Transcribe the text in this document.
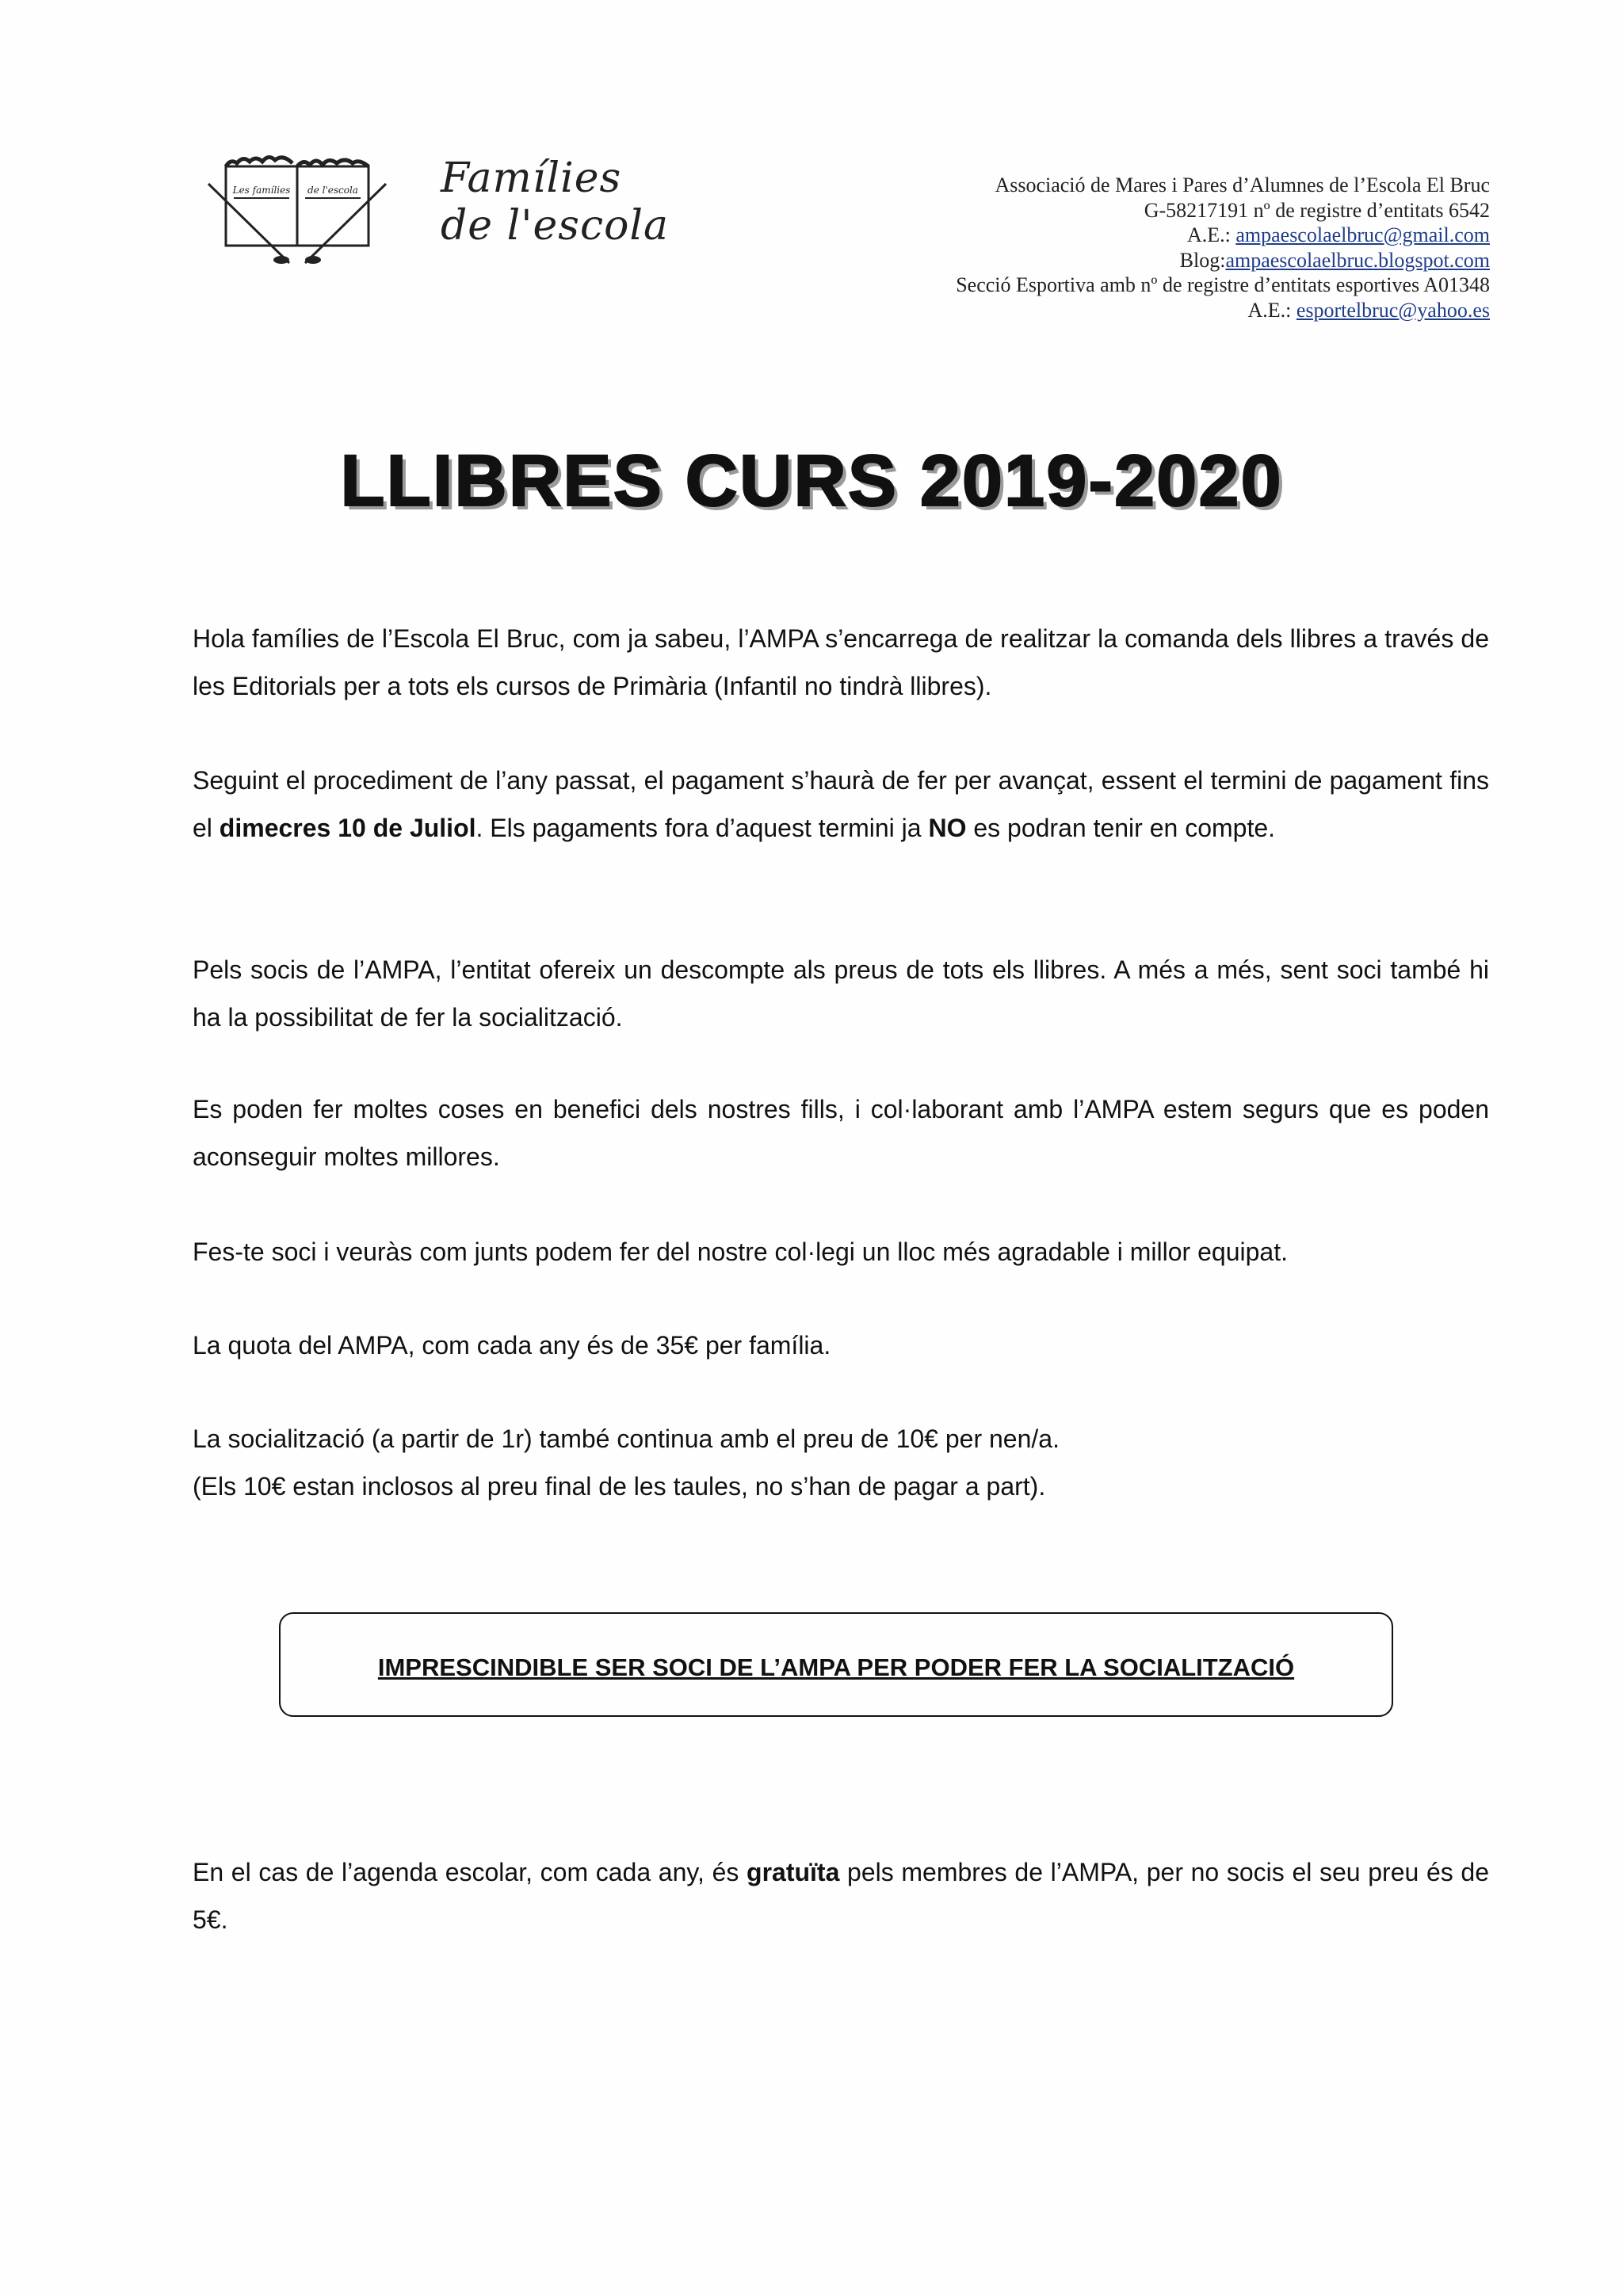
Les famílies de l'escola Famílies
de l'escola
Associació de Mares i Pares d’Alumnes de l’Escola El Bruc
G-58217191 nº de registre d’entitats 6542
A.E.: ampaescolaelbruc@gmail.com
Blog:ampaescolaelbruc.blogspot.com
Secció Esportiva amb nº de registre d’entitats esportives A01348
A.E.: esportelbruc@yahoo.es
LLIBRES CURS 2019-2020

Hola famílies de l’Escola El Bruc, com ja sabeu, l’AMPA s’encarrega de realitzar la comanda dels llibres a través de les Editorials per a tots els cursos de Primària (Infantil no tindrà llibres).

Seguint el procediment de l’any passat, el pagament s’haurà de fer per avançat, essent el termini de pagament fins el dimecres 10 de Juliol. Els pagaments fora d’aquest termini ja NO es podran tenir en compte.

Pels socis de l’AMPA, l’entitat ofereix un descompte als preus de tots els llibres. A més a més, sent soci també hi ha la possibilitat de fer la socialització.

Es poden fer moltes coses en benefici dels nostres fills, i col·laborant amb l’AMPA estem segurs que es poden aconseguir moltes millores.

Fes-te soci i veuràs com junts podem fer del nostre col·legi un lloc més agradable i millor equipat.

La quota del AMPA, com cada any és de 35€ per família.

La socialització (a partir de 1r) també continua amb el preu de 10€ per nen/a.

(Els 10€ estan inclosos al preu final de les taules, no s’han de pagar a part).

IMPRESCINDIBLE SER SOCI DE L’AMPA PER PODER FER LA SOCIALITZACIÓ

En el cas de l’agenda escolar, com cada any, és gratuïta pels membres de l’AMPA, per no socis el seu preu és de 5€.
